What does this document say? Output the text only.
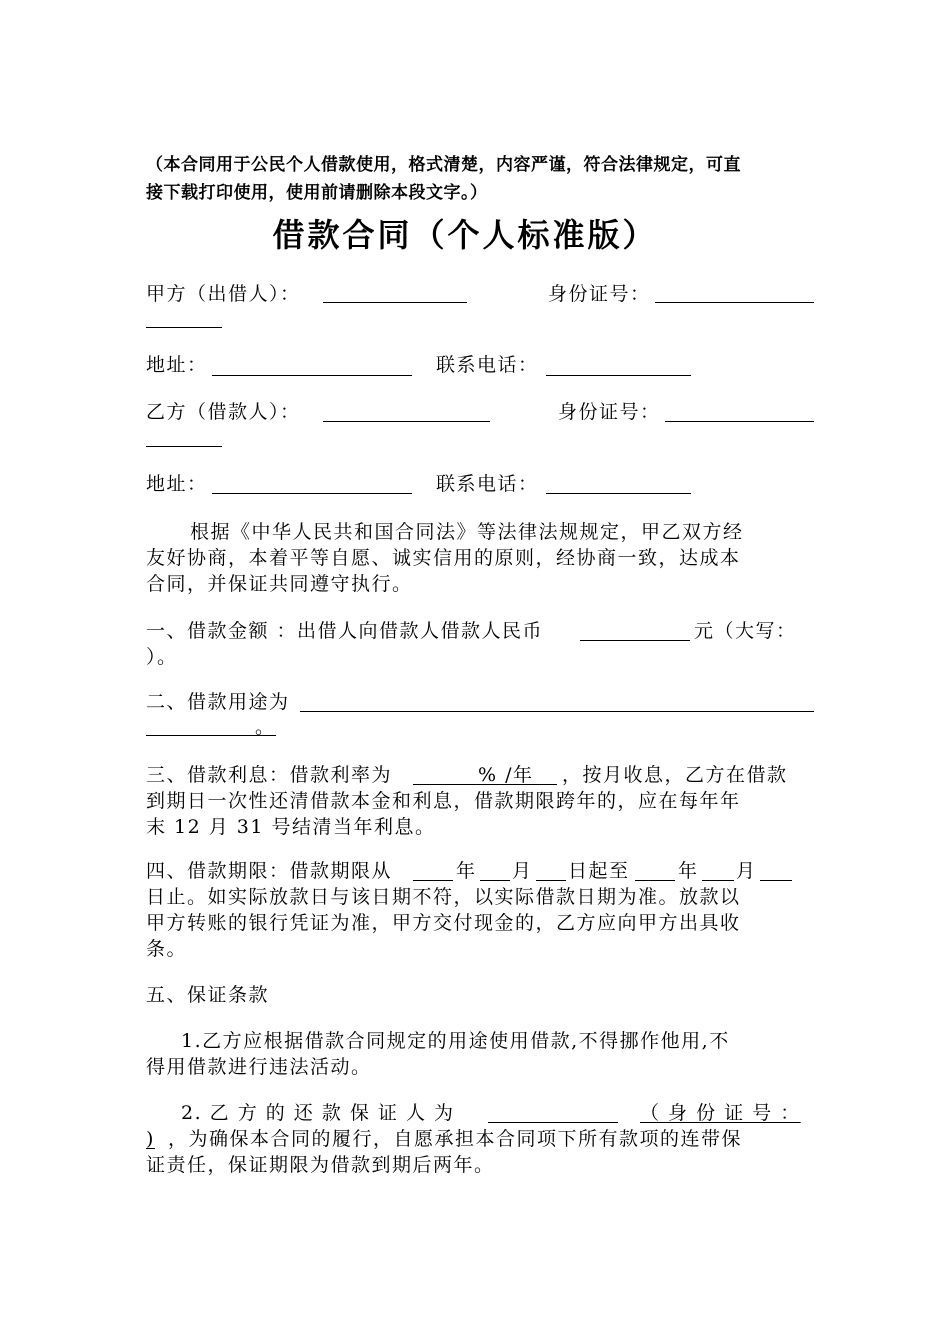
（本合同用于公民个人借款使用，格式清楚，内容严谨，符合法律规定，可直
接下载打印使用，使用前请删除本段文字。）
借款合同（个人标准版）
甲方（出借人）：	身份证号：
地址：	联系电话：
乙方（借款人）：	身份证号：
地址：	联系电话：
根据《中华人民共和国合同法》等法律法规规定，甲乙双方经
友好协商，本着平等自愿、诚实信用的原则，经协商一致，达成本
合同，并保证共同遵守执行。
一、借款金额 ：出借人向借款人借款人民币	元（大写：
）。
二、借款用途为
。
三、借款利息：借款利率为	% /年 ，按月收息，乙方在借款
到期日一次性还清借款本金和利息，借款期限跨年的，应在每年年
末 12 月 31 号结清当年利息。
四、借款期限：借款期限从	年 月 日起至	年 月
日止。如实际放款日与该日期不符，以实际借款日期为准。放款以
甲方转账的银行凭证为准，甲方交付现金的，乙方应向甲方出具收
条。
五、保证条款
1.乙方应根据借款合同规定的用途使用借款,不得挪作他用,不
得用借款进行违法活动。
2. 乙 方 的 还 款 保 证 人 为	（ 身 份 证 号 ：
) ，为确保本合同的履行，自愿承担本合同项下所有款项的连带保
证责任，保证期限为借款到期后两年。
